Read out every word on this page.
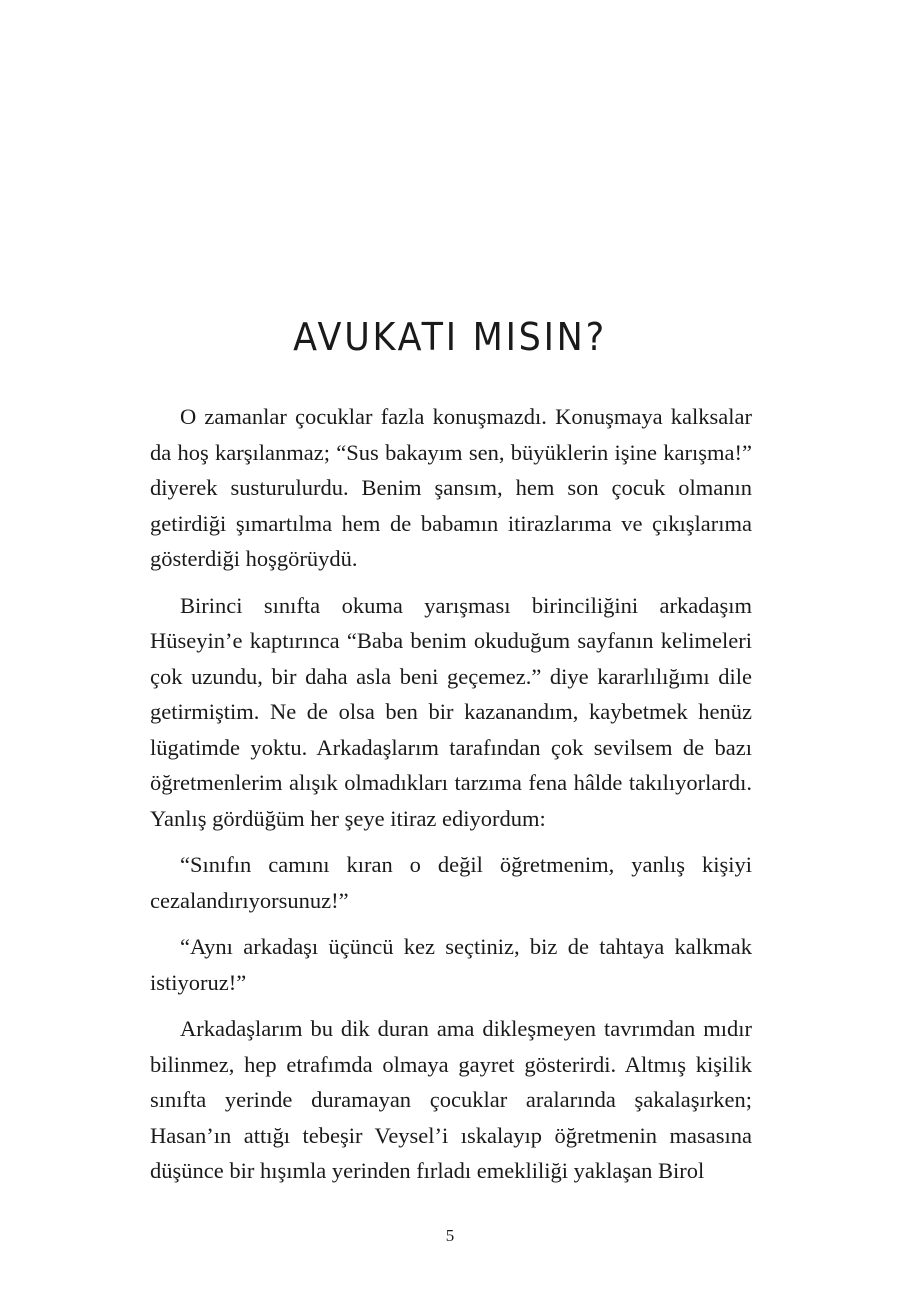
AVUKATI MISIN?

O zamanlar çocuklar fazla konuşmazdı. Konuşmaya kalksalar da hoş karşılanmaz; “Sus bakayım sen, büyüklerin işine karışma!” diyerek susturulurdu. Benim şansım, hem son çocuk olmanın getirdiği şımartılma hem de babamın itirazlarıma ve çıkışlarıma gösterdiği hoşgörüydü.

Birinci sınıfta okuma yarışması birinciliğini arkadaşım Hüseyin’e kaptırınca “Baba benim okuduğum sayfanın kelimeleri çok uzundu, bir daha asla beni geçemez.” diye kararlılığımı dile getirmiştim. Ne de olsa ben bir kazanandım, kaybetmek henüz lügatimde yoktu. Arkadaşlarım tarafından çok sevilsem de bazı öğretmenlerim alışık olmadıkları tarzıma fena hâlde takılıyorlardı. Yanlış gördüğüm her şeye itiraz ediyordum:

“Sınıfın camını kıran o değil öğretmenim, yanlış kişiyi cezalandırıyorsunuz!”

“Aynı arkadaşı üçüncü kez seçtiniz, biz de tahtaya kalkmak istiyoruz!”

Arkadaşlarım bu dik duran ama dikleşmeyen tavrımdan mıdır bilinmez, hep etrafımda olmaya gayret gösterirdi. Altmış kişilik sınıfta yerinde duramayan çocuklar aralarında şakalaşırken; Hasan’ın attığı tebeşir Veysel’i ıskalayıp öğretmenin masasına düşünce bir hışımla yerinden fırladı emekliliği yaklaşan Birol

5
